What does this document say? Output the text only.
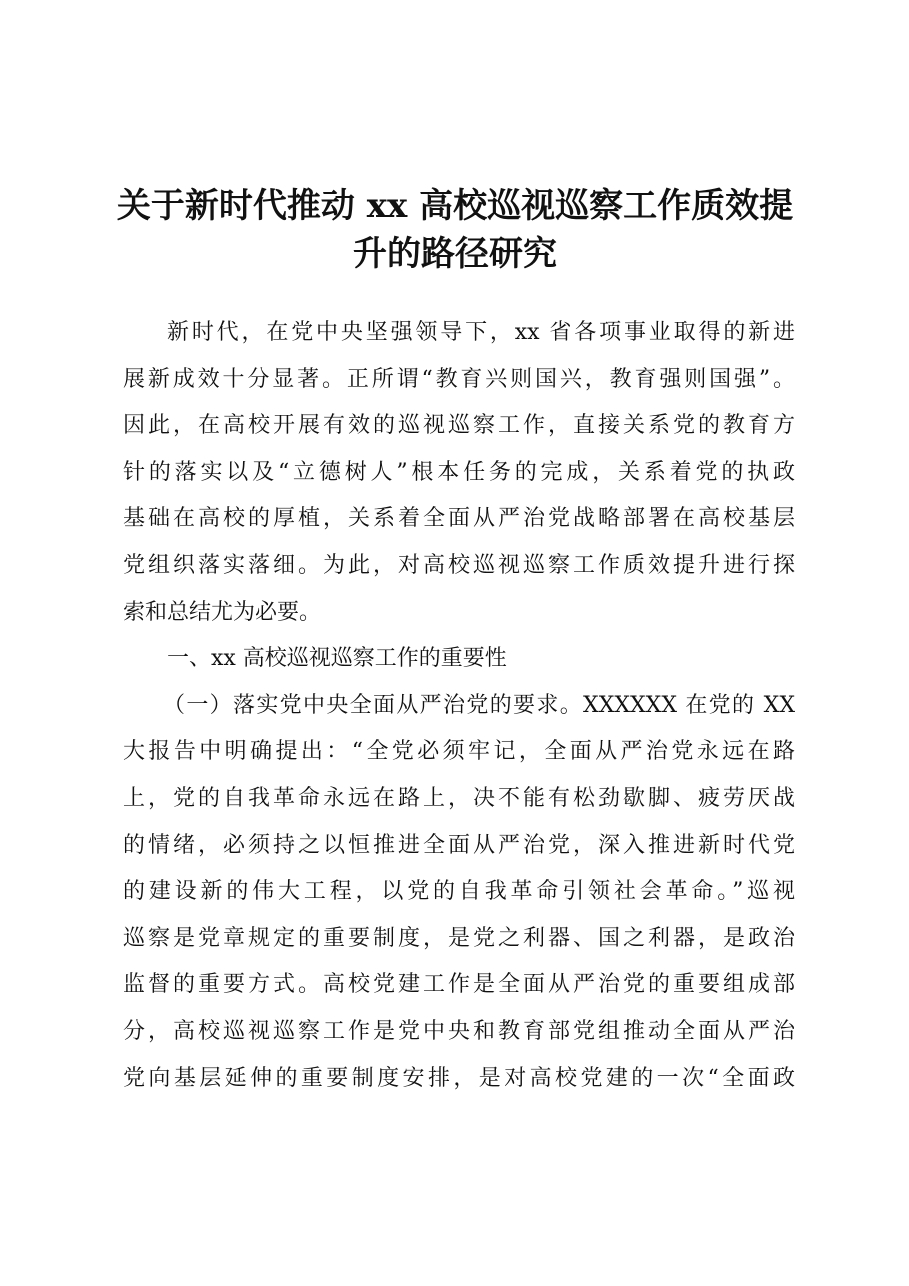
关于新时代推动 xx 高校巡视巡察工作质效提
升的路径研究
新时代，在党中央坚强领导下，xx 省各项事业取得的新进
展新成效十分显著。正所谓“教育兴则国兴，教育强则国强”。
因此，在高校开展有效的巡视巡察工作，直接关系党的教育方
针的落实以及“立德树人”根本任务的完成，关系着党的执政
基础在高校的厚植，关系着全面从严治党战略部署在高校基层
党组织落实落细。为此，对高校巡视巡察工作质效提升进行探
索和总结尤为必要。
一、xx 高校巡视巡察工作的重要性
（一）落实党中央全面从严治党的要求。XXXXXX 在党的 XX
大报告中明确提出：“全党必须牢记，全面从严治党永远在路
上，党的自我革命永远在路上，决不能有松劲歇脚、疲劳厌战
的情绪，必须持之以恒推进全面从严治党，深入推进新时代党
的建设新的伟大工程，以党的自我革命引领社会革命。”巡视
巡察是党章规定的重要制度，是党之利器、国之利器，是政治
监督的重要方式。高校党建工作是全面从严治党的重要组成部
分，高校巡视巡察工作是党中央和教育部党组推动全面从严治
党向基层延伸的重要制度安排，是对高校党建的一次“全面政
